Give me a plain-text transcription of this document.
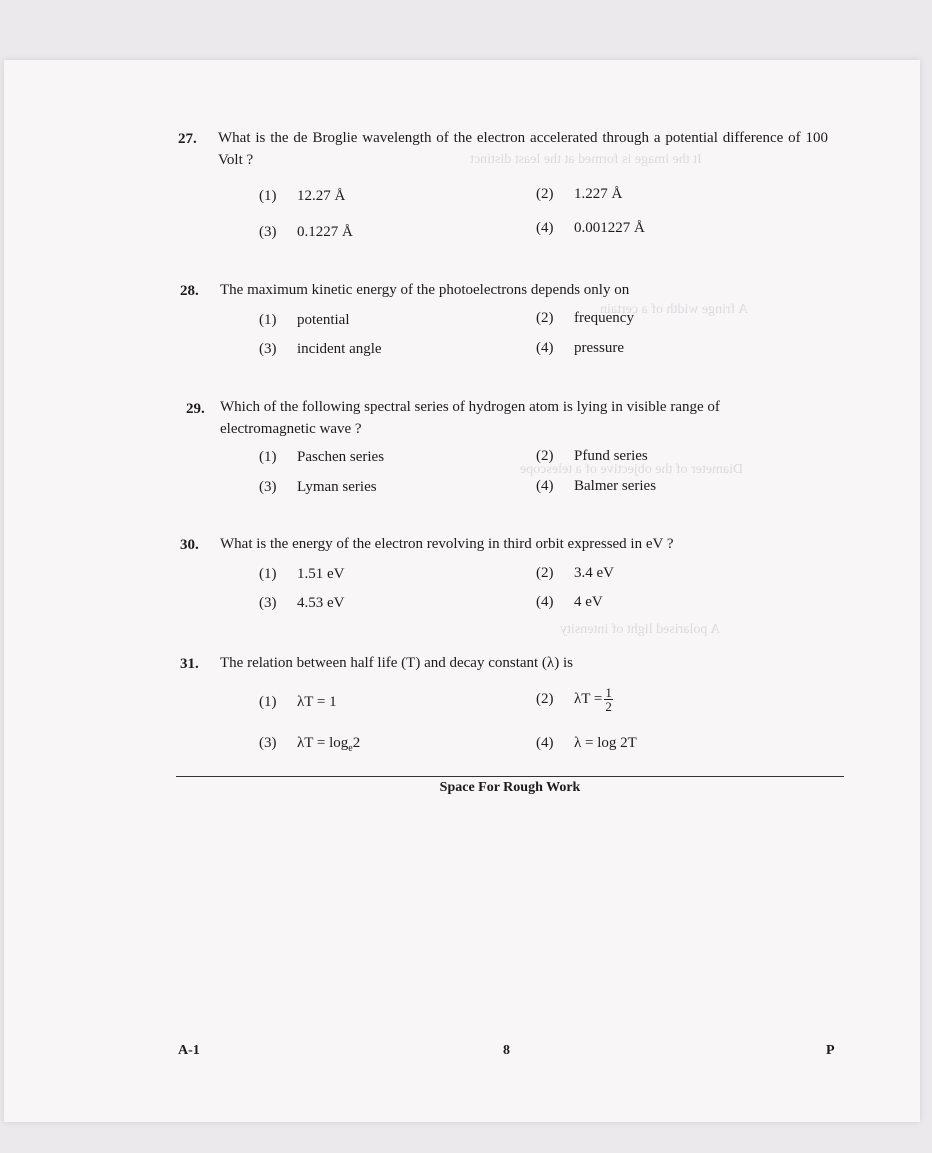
It the image is formed at the least distinct
A fringe width of a certain
Diameter of the objective of a telescope
A polarised light of intensity
27. What is the de Broglie wavelength of the electron accelerated through a potential difference of 100 Volt ?
(1) 12.27 Å	(2) 1.227 Å
(3) 0.1227 Å	(4) 0.001227 Å
28. The maximum kinetic energy of the photoelectrons depends only on
(1) potential	(2) frequency
(3) incident angle	(4) pressure
29. Which of the following spectral series of hydrogen atom is lying in visible range of electromagnetic wave ?
(1) Paschen series	(2) Pfund series
(3) Lyman series	(4) Balmer series
30. What is the energy of the electron revolving in third orbit expressed in eV ?
(1) 1.51 eV	(2) 3.4 eV
(3) 4.53 eV	(4) 4 eV
31. The relation between half life (T) and decay constant (λ) is
(1) λT = 1	(2) $\lambda T = \frac{1}{2}$
(3) $\lambda T = \log_e2$	(4) λ = log 2T
Space For Rough Work
A-1	8	P
